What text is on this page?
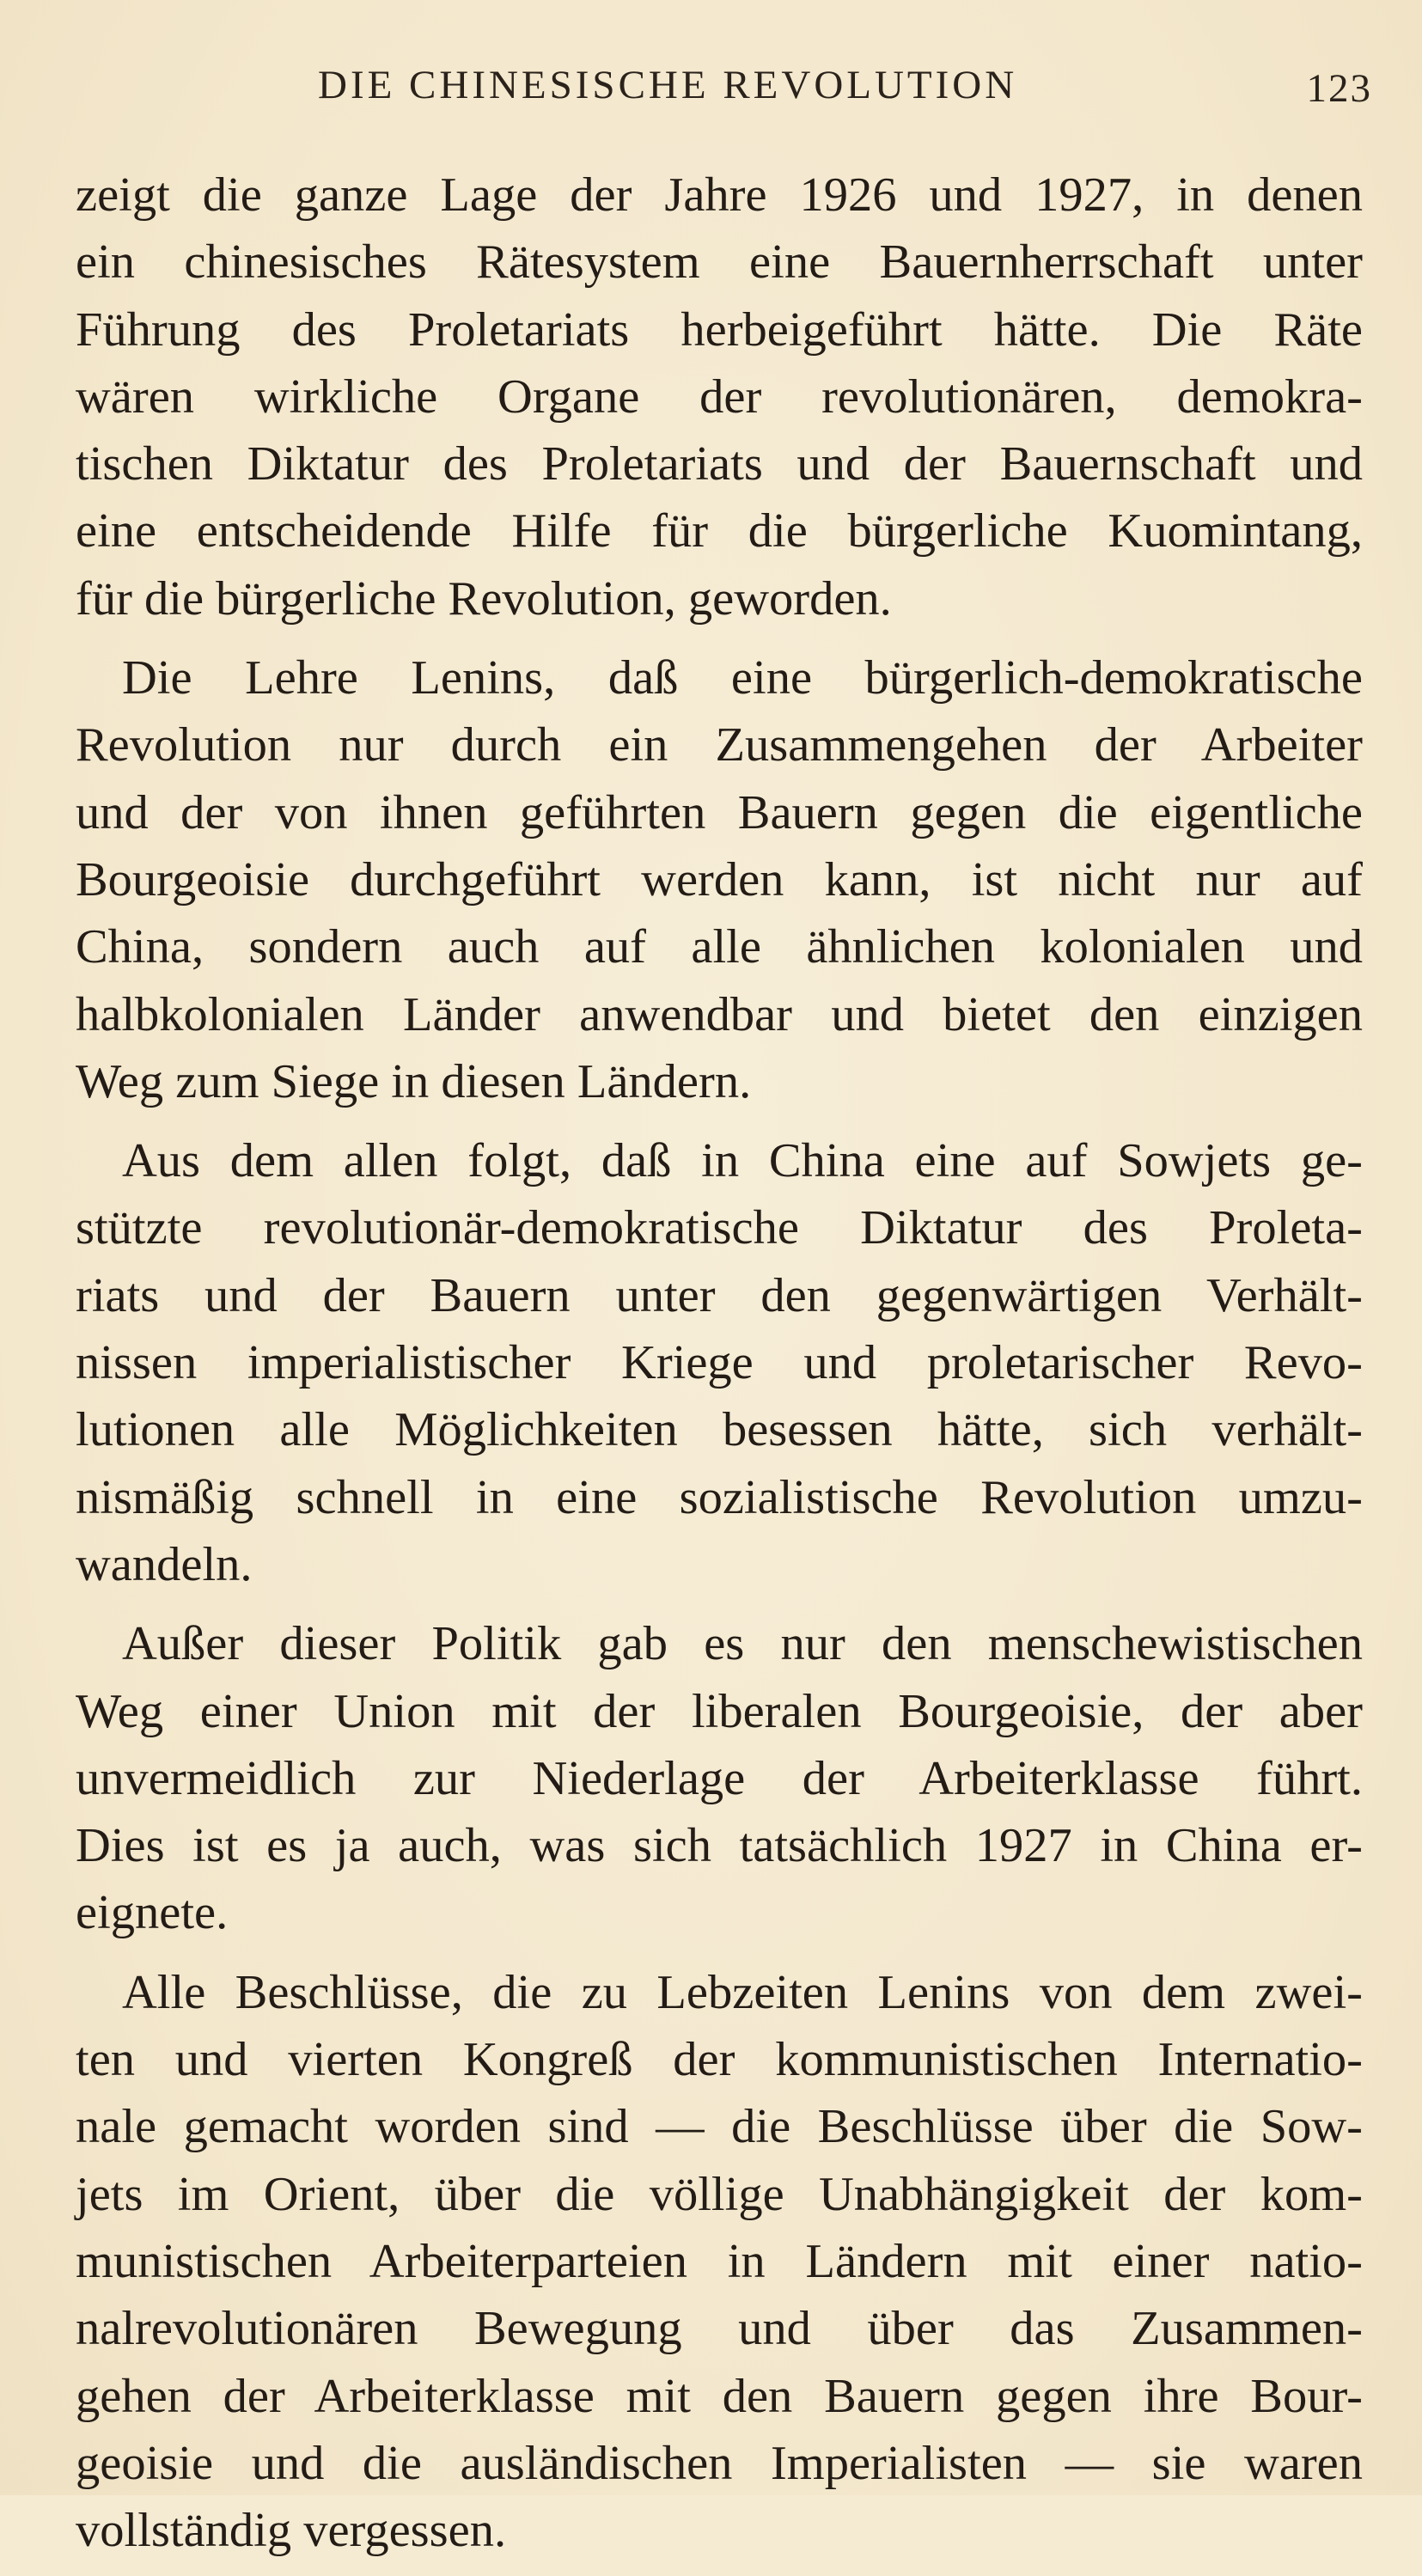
DIE CHINESISCHE REVOLUTION	123
zeigt die ganze Lage der Jahre 1926 und 1927, in denen
ein chinesisches Rätesystem eine Bauernherrschaft unter
Führung des Proletariats herbeigeführt hätte. Die Räte
wären wirkliche Organe der revolutionären, demokra-
tischen Diktatur des Proletariats und der Bauernschaft und
eine entscheidende Hilfe für die bürgerliche Kuomintang,
für die bürgerliche Revolution, geworden.
Die Lehre Lenins, daß eine bürgerlich-demokratische
Revolution nur durch ein Zusammengehen der Arbeiter
und der von ihnen geführten Bauern gegen die eigentliche
Bourgeoisie durchgeführt werden kann, ist nicht nur auf
China, sondern auch auf alle ähnlichen kolonialen und
halbkolonialen Länder anwendbar und bietet den einzigen
Weg zum Siege in diesen Ländern.
Aus dem allen folgt, daß in China eine auf Sowjets ge-
stützte revolutionär-demokratische Diktatur des Proleta-
riats und der Bauern unter den gegenwärtigen Verhält-
nissen imperialistischer Kriege und proletarischer Revo-
lutionen alle Möglichkeiten besessen hätte, sich verhält-
nismäßig schnell in eine sozialistische Revolution umzu-
wandeln.
Außer dieser Politik gab es nur den menschewistischen
Weg einer Union mit der liberalen Bourgeoisie, der aber
unvermeidlich zur Niederlage der Arbeiterklasse führt.
Dies ist es ja auch, was sich tatsächlich 1927 in China er-
eignete.
Alle Beschlüsse, die zu Lebzeiten Lenins von dem zwei-
ten und vierten Kongreß der kommunistischen Internatio-
nale gemacht worden sind — die Beschlüsse über die Sow-
jets im Orient, über die völlige Unabhängigkeit der kom-
munistischen Arbeiterparteien in Ländern mit einer natio-
nalrevolutionären Bewegung und über das Zusammen-
gehen der Arbeiterklasse mit den Bauern gegen ihre Bour-
geoisie und die ausländischen Imperialisten — sie waren
vollständig vergessen.
